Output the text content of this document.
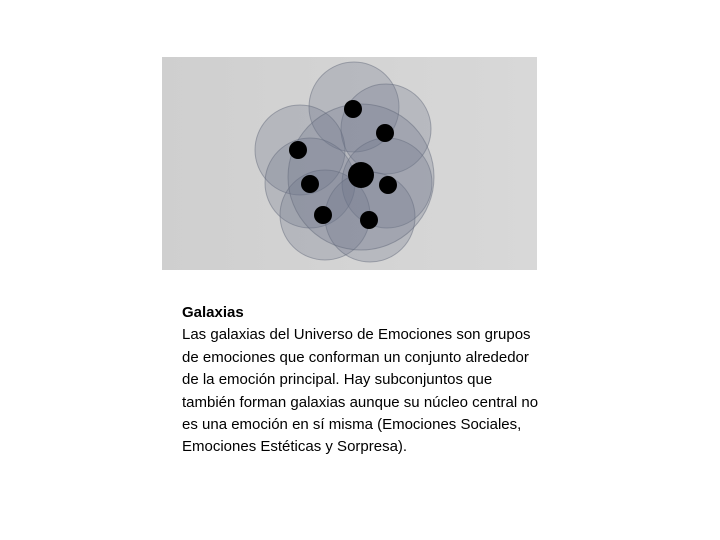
Galaxias
Las galaxias del Universo de Emociones son grupos de emociones que conforman un conjunto alrededor de la emoción principal. Hay subconjuntos que también forman galaxias aunque su núcleo central no es una emoción en sí misma (Emociones Sociales, Emociones Estéticas y Sorpresa).
